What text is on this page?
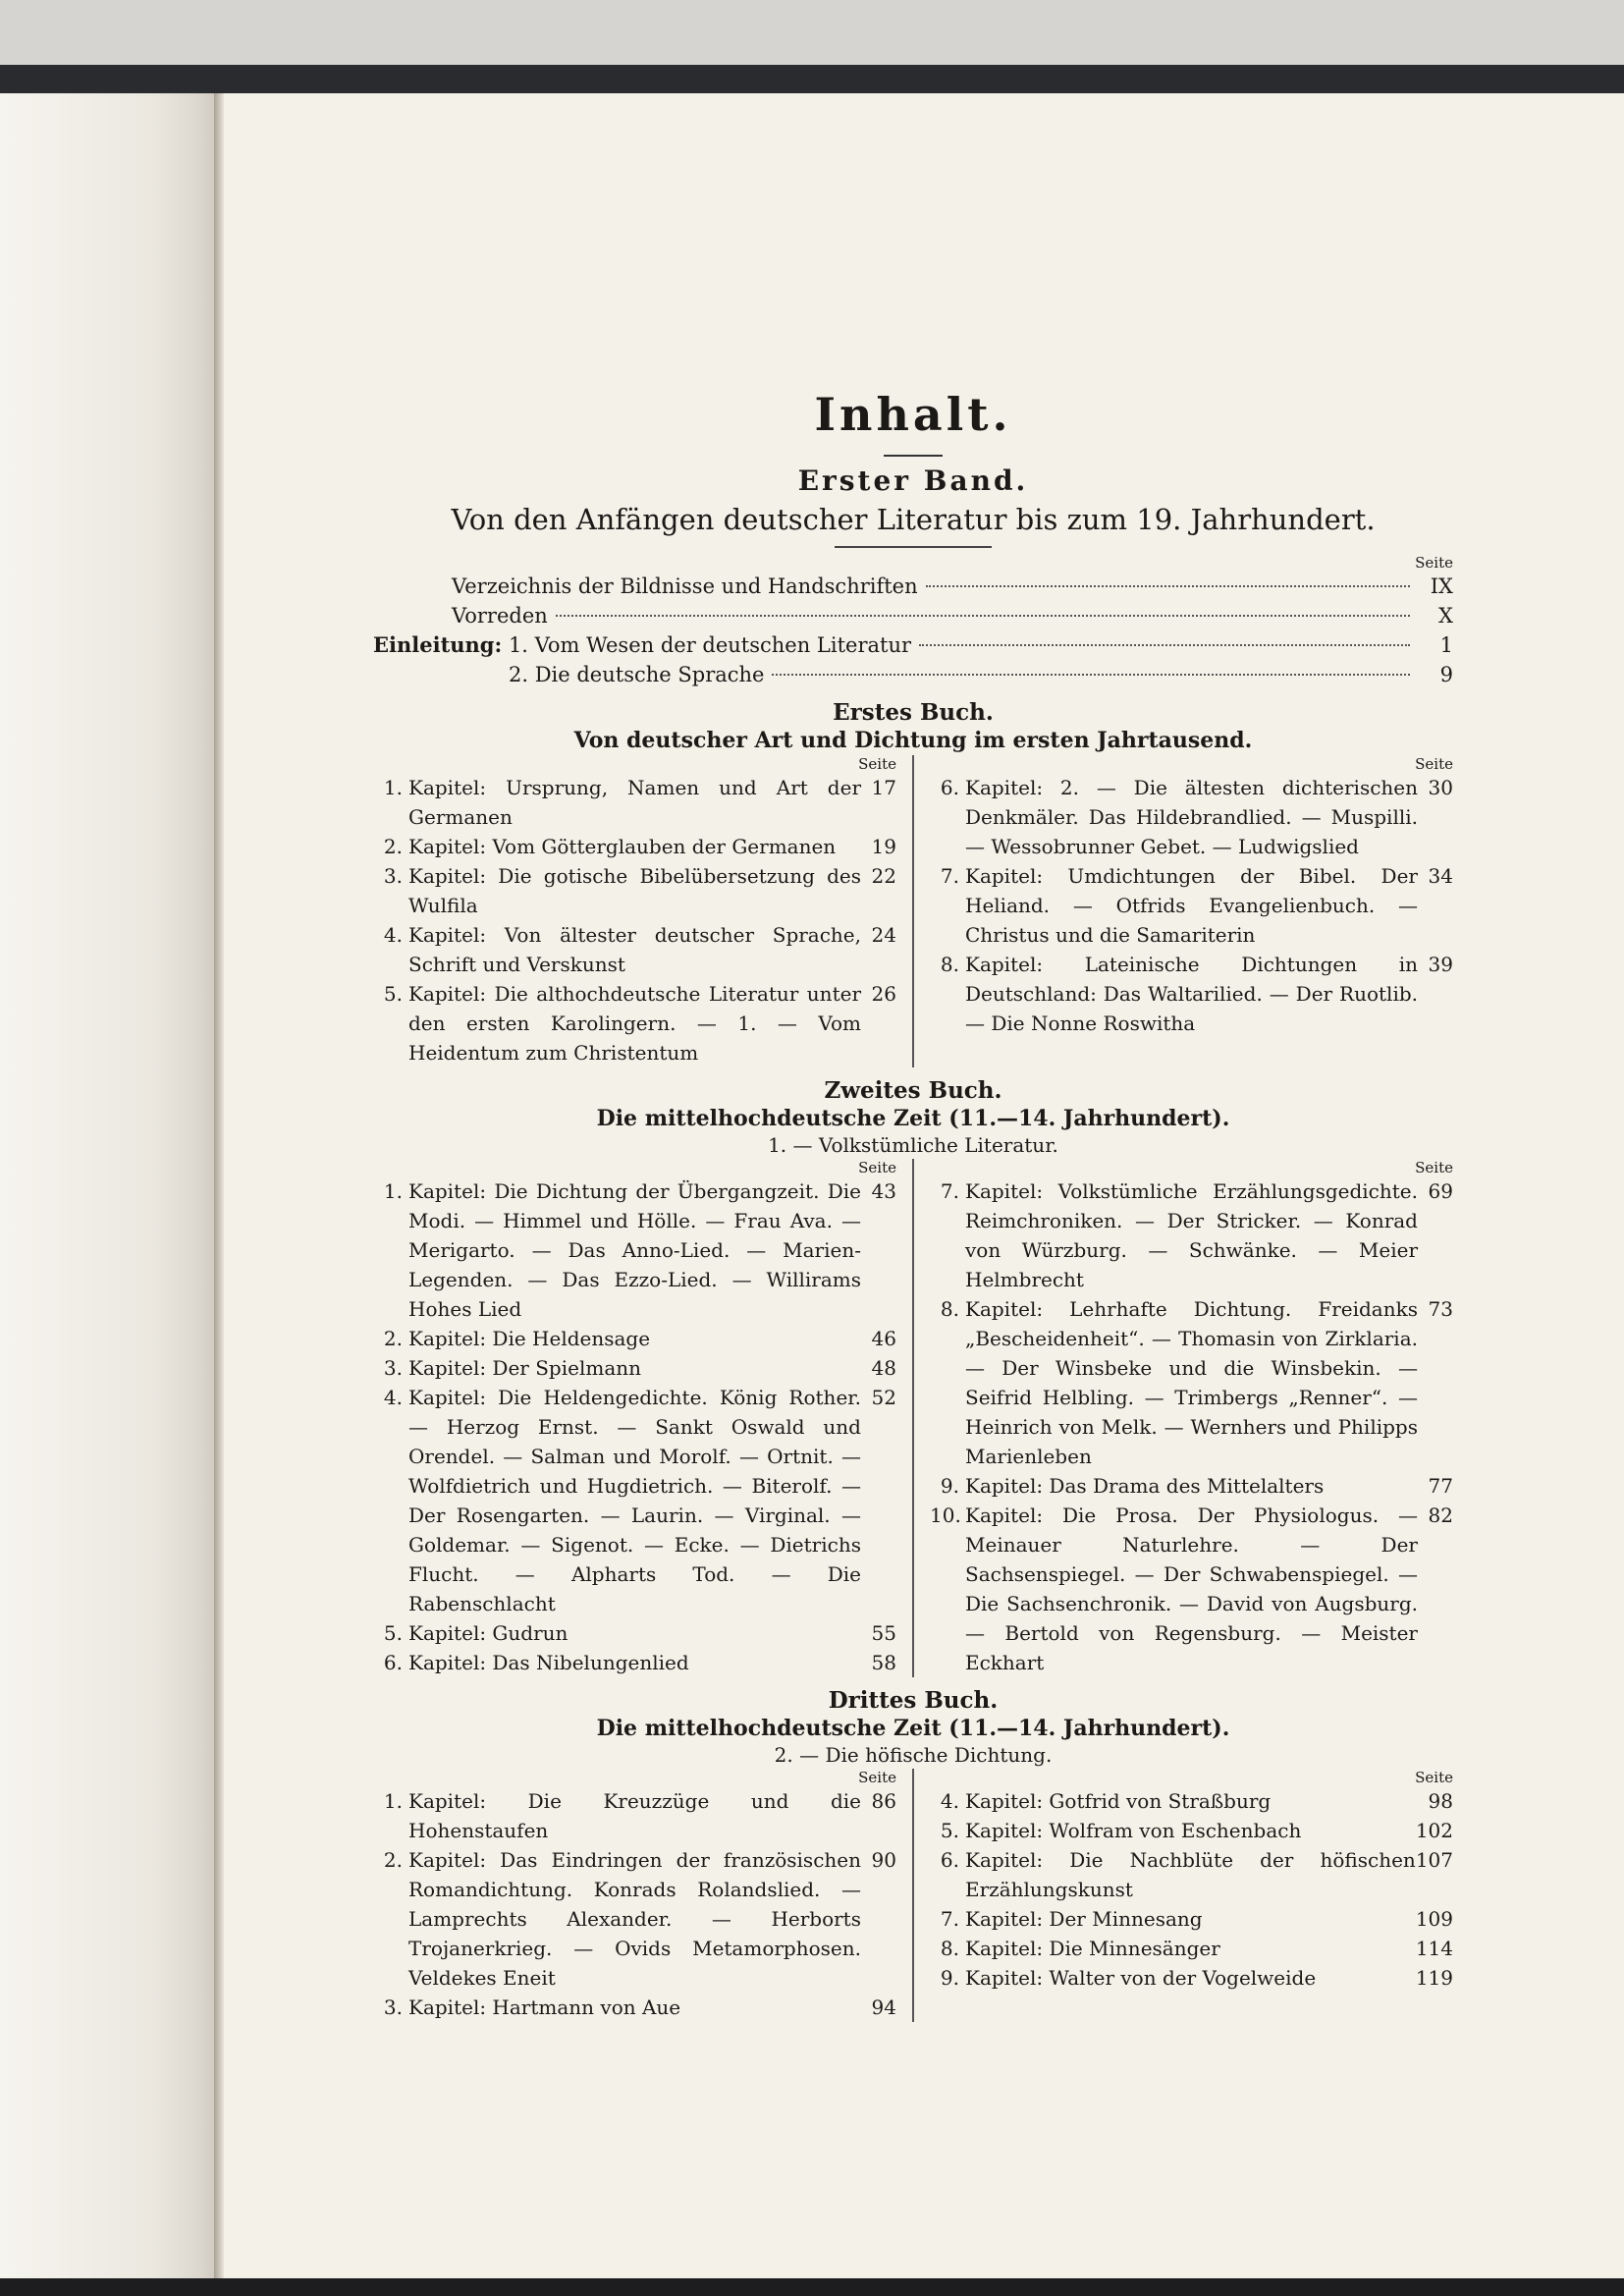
Inhalt.
Erster Band.
Von den Anfängen deutscher Literatur bis zum 19. Jahrhundert.
Seite
Verzeichnis der Bildnisse und Handschriften	IX
Vorreden	X
Einleitung:
1. Vom Wesen der deutschen Literatur	1
2. Die deutsche Sprache	9
Erstes Buch.
Von deutscher Art und Dichtung im ersten Jahrtausend.
Seite
1. Kapitel: Ursprung, Namen und Art der Germanen
17
2. Kapitel: Vom Götterglauben der Germanen	19
3. Kapitel: Die gotische Bibelübersetzung des Wulfila
22
4. Kapitel: Von ältester deutscher Sprache, Schrift und Verskunst
24
5. Kapitel: Die althochdeutsche Literatur unter den ersten Karolingern. — 1. — Vom Heidentum zum Christentum
26
Seite
6. Kapitel: 2. — Die ältesten dichterischen Denkmäler. Das Hildebrandlied. — Muspilli. — Wessobrunner Gebet. — Ludwigslied
30
7. Kapitel: Umdichtungen der Bibel. Der Heliand. — Otfrids Evangelienbuch. — Christus und die Samariterin
34
8. Kapitel: Lateinische Dichtungen in Deutschland: Das Waltarilied. — Der Ruotlib. — Die Nonne Roswitha
39
Zweites Buch.
Die mittelhochdeutsche Zeit (11.—14. Jahrhundert).
1. — Volkstümliche Literatur.
Seite
1. Kapitel: Die Dichtung der Übergangzeit. Die Modi. — Himmel und Hölle. — Frau Ava. — Merigarto. — Das Anno-Lied. — Marien-Legenden. — Das Ezzo-Lied. — Willirams Hohes Lied
43
2. Kapitel: Die Heldensage	46
3. Kapitel: Der Spielmann	48
4. Kapitel: Die Heldengedichte. König Rother. — Herzog Ernst. — Sankt Oswald und Orendel. — Salman und Morolf. — Ortnit. — Wolfdietrich und Hugdietrich. — Biterolf. — Der Rosengarten. — Laurin. — Virginal. — Goldemar. — Sigenot. — Ecke. — Dietrichs Flucht. — Alpharts Tod. — Die Rabenschlacht
52
5. Kapitel: Gudrun	55
6. Kapitel: Das Nibelungenlied	58
Seite
7. Kapitel: Volkstümliche Erzählungsgedichte. Reimchroniken. — Der Stricker. — Konrad von Würzburg. — Schwänke. — Meier Helmbrecht
69
8. Kapitel: Lehrhafte Dichtung. Freidanks „Bescheidenheit“. — Thomasin von Zirklaria. — Der Winsbeke und die Winsbekin. — Seifrid Helbling. — Trimbergs „Renner“. — Heinrich von Melk. — Wernhers und Philipps Marienleben
73
9. Kapitel: Das Drama des Mittelalters	77
10. Kapitel: Die Prosa. Der Physiologus. — Meinauer Naturlehre. — Der Sachsenspiegel. — Der Schwabenspiegel. — Die Sachsenchronik. — David von Augsburg. — Bertold von Regensburg. — Meister Eckhart
82
Drittes Buch.
Die mittelhochdeutsche Zeit (11.—14. Jahrhundert).
2. — Die höfische Dichtung.
Seite
1. Kapitel: Die Kreuzzüge und die Hohenstaufen
86
2. Kapitel: Das Eindringen der französischen Romandichtung. Konrads Rolandslied. — Lamprechts Alexander. — Herborts Trojanerkrieg. — Ovids Metamorphosen. Veldekes Eneit
90
3. Kapitel: Hartmann von Aue	94
Seite
4. Kapitel: Gotfrid von Straßburg	98
5. Kapitel: Wolfram von Eschenbach	102
6. Kapitel: Die Nachblüte der höfischen Erzählungskunst
107
7. Kapitel: Der Minnesang	109
8. Kapitel: Die Minnesänger	114
9. Kapitel: Walter von der Vogelweide	119
